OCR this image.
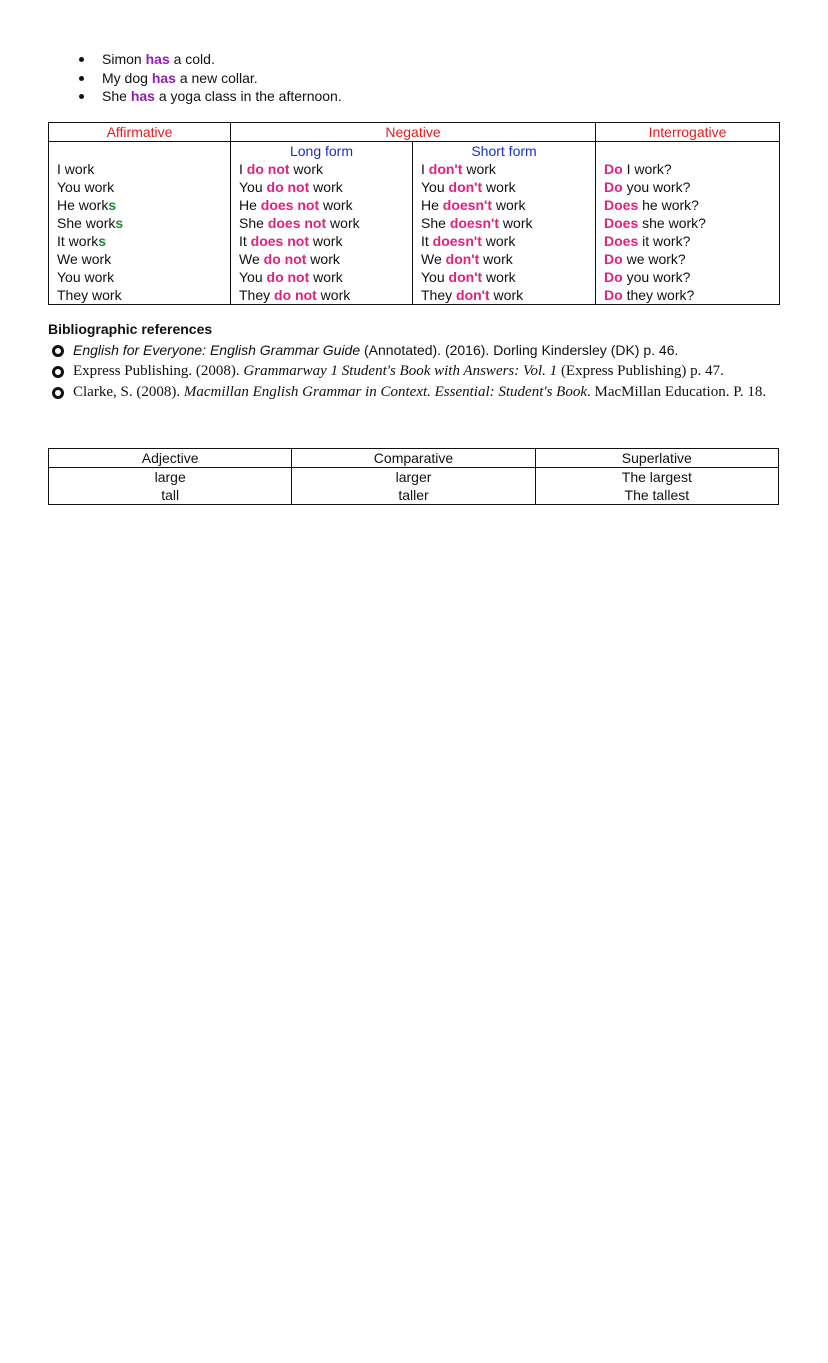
Simon has a cold.
My dog has a new collar.
She has a yoga class in the afternoon.
Affirmative	Negative		Interrogative
	Long form	Short form	
I work	I do not work	I don't work	Do I work?
You work	You do not work	You don't work	Do you work?
He works	He does not work	He doesn't work	Does he work?
She works	She does not work	She doesn't work	Does she work?
It works	It does not work	It doesn't work	Does it work?
We work	We do not work	We don't work	Do we work?
You work	You do not work	You don't work	Do you work?
They work	They do not work	They don't work	Do they work?
Bibliographic references
English for Everyone: English Grammar Guide (Annotated). (2016). Dorling Kindersley (DK) p. 46.
Express Publishing. (2008). Grammarway 1 Student's Book with Answers: Vol. 1 (Express Publishing) p. 47.
Clarke, S. (2008). Macmillan English Grammar in Context. Essential: Student's Book. MacMillan Education. P. 18.
Adjective	Comparative	Superlative
large	larger	The largest
tall	taller	The tallest
